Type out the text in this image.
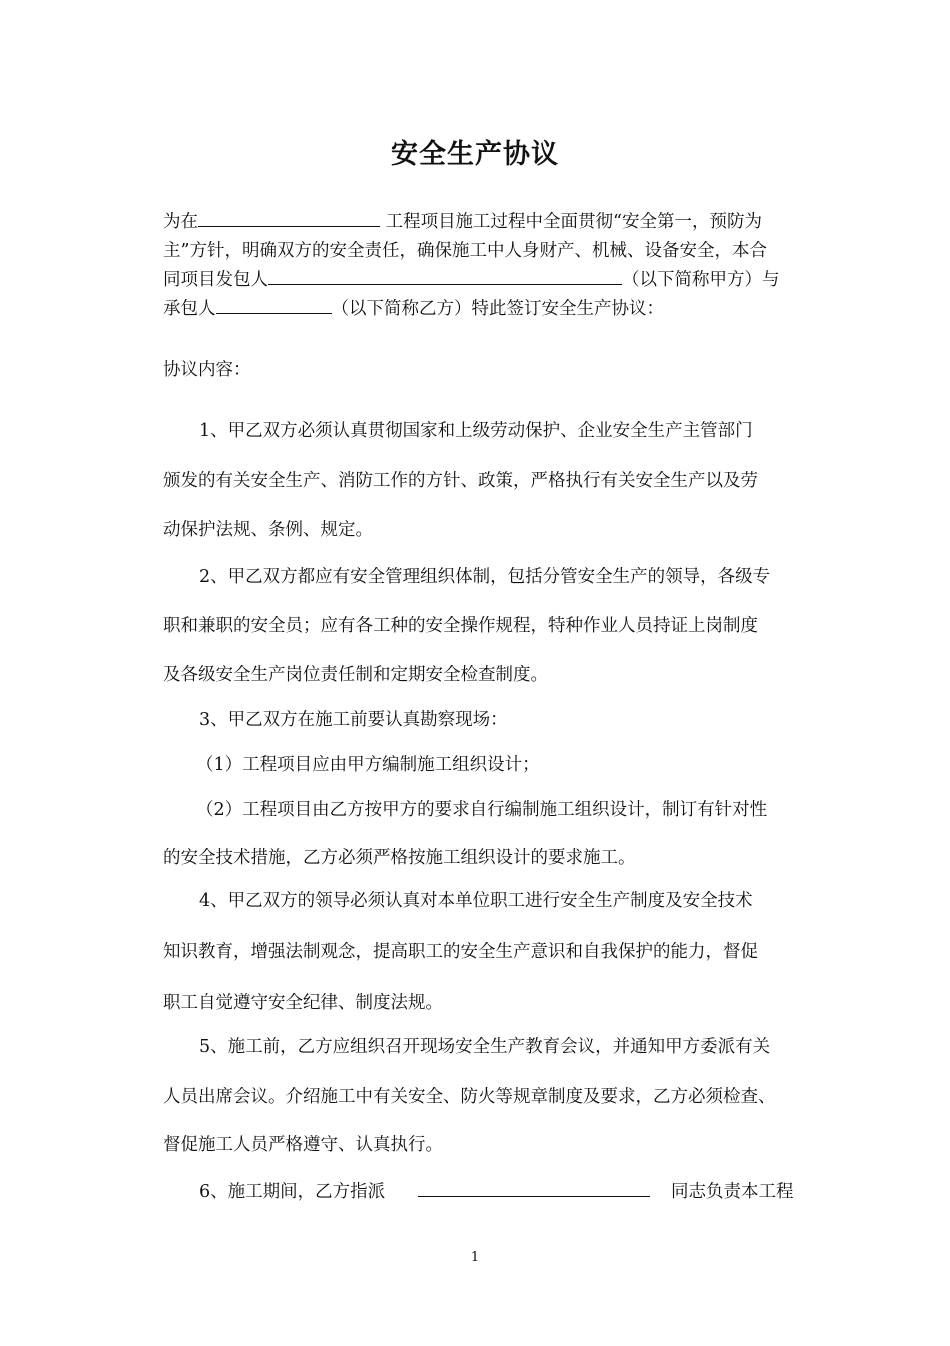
安全生产协议
为在	工程项目施工过程中全面贯彻“安全第一，预防为
主”方针，明确双方的安全责任，确保施工中人身财产、机械、设备安全，本合
同项目发包人	（以下简称甲方）与
承包人	（以下简称乙方）特此签订安全生产协议：
协议内容：
1、甲乙双方必须认真贯彻国家和上级劳动保护、企业安全生产主管部门
颁发的有关安全生产、消防工作的方针、政策，严格执行有关安全生产以及劳
动保护法规、条例、规定。
2、甲乙双方都应有安全管理组织体制，包括分管安全生产的领导，各级专
职和兼职的安全员；应有各工种的安全操作规程，特种作业人员持证上岗制度
及各级安全生产岗位责任制和定期安全检查制度。
3、甲乙双方在施工前要认真勘察现场：
（1）工程项目应由甲方编制施工组织设计；
（2）工程项目由乙方按甲方的要求自行编制施工组织设计，制订有针对性
的安全技术措施，乙方必须严格按施工组织设计的要求施工。
4、甲乙双方的领导必须认真对本单位职工进行安全生产制度及安全技术
知识教育，增强法制观念，提高职工的安全生产意识和自我保护的能力，督促
职工自觉遵守安全纪律、制度法规。
5、施工前，乙方应组织召开现场安全生产教育会议，并通知甲方委派有关
人员出席会议。介绍施工中有关安全、防火等规章制度及要求，乙方必须检查、
督促施工人员严格遵守、认真执行。
6、施工期间，乙方指派	同志负责本工程
1
